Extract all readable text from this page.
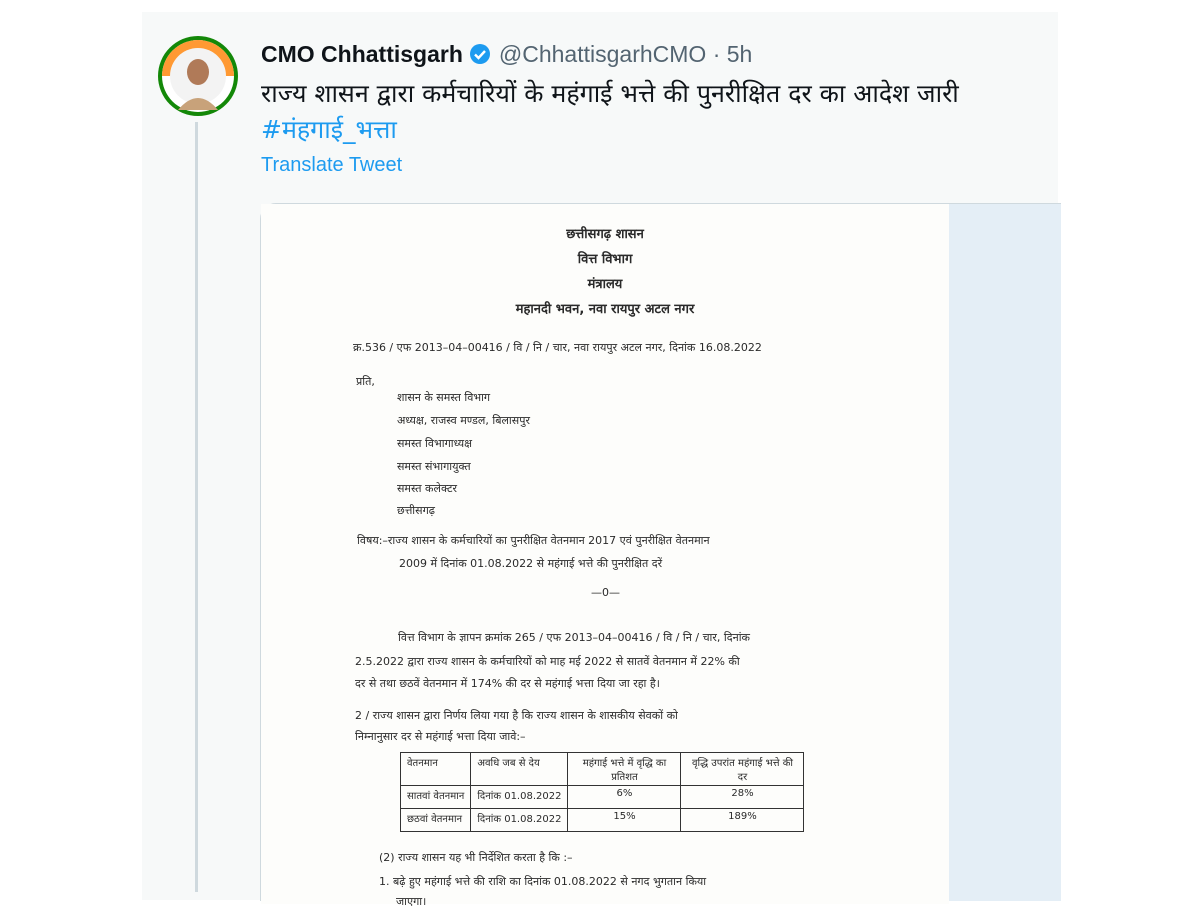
CMO Chhattisgarh @ChhattisgarhCMO · 5h
राज्य शासन द्वारा कर्मचारियों के महंगाई भत्ते की पुनरीक्षित दर का आदेश जारी
#मंहगाई_भत्ता
Translate Tweet
छत्तीसगढ़ शासन
वित्त विभाग
मंत्रालय
महानदी भवन, नवा रायपुर अटल नगर
क्र.536 / एफ 2013–04–00416 / वि / नि / चार, नवा रायपुर अटल नगर, दिनांक 16.08.2022
प्रति,
शासन के समस्त विभाग
अध्यक्ष, राजस्व मण्डल, बिलासपुर
समस्त विभागाध्यक्ष
समस्त संभागायुक्त
समस्त कलेक्टर
छत्तीसगढ़
विषय:–राज्य शासन के कर्मचारियों का पुनरीक्षित वेतनमान 2017 एवं पुनरीक्षित वेतनमान
2009 में दिनांक 01.08.2022 से महंगाई भत्ते की पुनरीक्षित दरें
—0—
वित्त विभाग के ज्ञापन क्रमांक 265 / एफ 2013–04–00416 / वि / नि / चार, दिनांक
2.5.2022 द्वारा राज्य शासन के कर्मचारियों को माह मई 2022 से सातवें वेतनमान में 22% की
दर से तथा छठवें वेतनमान में 174% की दर से महंगाई भत्ता दिया जा रहा है।
2 / राज्य शासन द्वारा निर्णय लिया गया है कि राज्य शासन के शासकीय सेवकों को
निम्नानुसार दर से महंगाई भत्ता दिया जावे:–
वेतनमान	अवधि जब से देय	महंगाई भत्ते में वृद्धि का प्रतिशत	वृद्धि उपरांत महंगाई भत्ते की दर
सातवां वेतनमान	दिनांक 01.08.2022	6%	28%
छठवां वेतनमान	दिनांक 01.08.2022	15%	189%
(2) राज्य शासन यह भी निर्देशित करता है कि :–
1. बढ़े हुए महंगाई भत्ते की राशि का दिनांक 01.08.2022 से नगद भुगतान किया
जाएगा।
